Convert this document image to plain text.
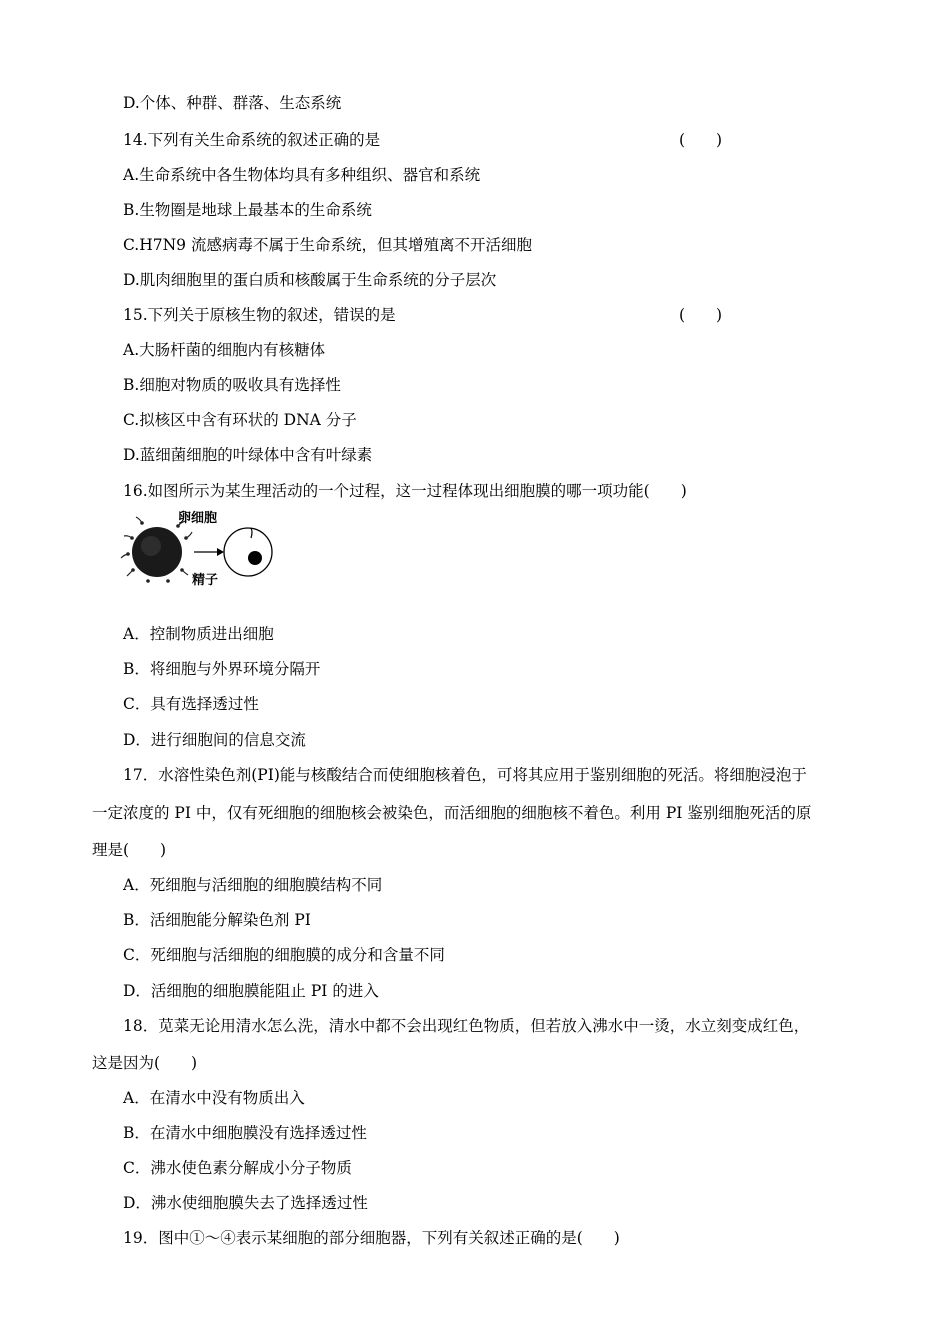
D.个体、种群、群落、生态系统
14.下列有关生命系统的叙述正确的是	(　　)
A.生命系统中各生物体均具有多种组织、器官和系统
B.生物圈是地球上最基本的生命系统
C.H7N9 流感病毒不属于生命系统，但其增殖离不开活细胞
D.肌肉细胞里的蛋白质和核酸属于生命系统的分子层次
15.下列关于原核生物的叙述，错误的是	(　　)
A.大肠杆菌的细胞内有核糖体
B.细胞对物质的吸收具有选择性
C.拟核区中含有环状的 DNA 分子
D.蓝细菌细胞的叶绿体中含有叶绿素
16.如图所示为某生理活动的一个过程，这一过程体现出细胞膜的哪一项功能(　　)
卵细胞
精子
A．控制物质进出细胞
B．将细胞与外界环境分隔开
C．具有选择透过性
D．进行细胞间的信息交流
17．水溶性染色剂(PI)能与核酸结合而使细胞核着色，可将其应用于鉴别细胞的死活。将细胞浸泡于
一定浓度的 PI 中，仅有死细胞的细胞核会被染色，而活细胞的细胞核不着色。利用 PI 鉴别细胞死活的原
理是(　　)
A．死细胞与活细胞的细胞膜结构不同
B．活细胞能分解染色剂 PI
C．死细胞与活细胞的细胞膜的成分和含量不同
D．活细胞的细胞膜能阻止 PI 的进入
18．苋菜无论用清水怎么洗，清水中都不会出现红色物质，但若放入沸水中一烫，水立刻变成红色，
这是因为(　　)
A．在清水中没有物质出入
B．在清水中细胞膜没有选择透过性
C．沸水使色素分解成小分子物质
D．沸水使细胞膜失去了选择透过性
19．图中①～④表示某细胞的部分细胞器，下列有关叙述正确的是(　　)
